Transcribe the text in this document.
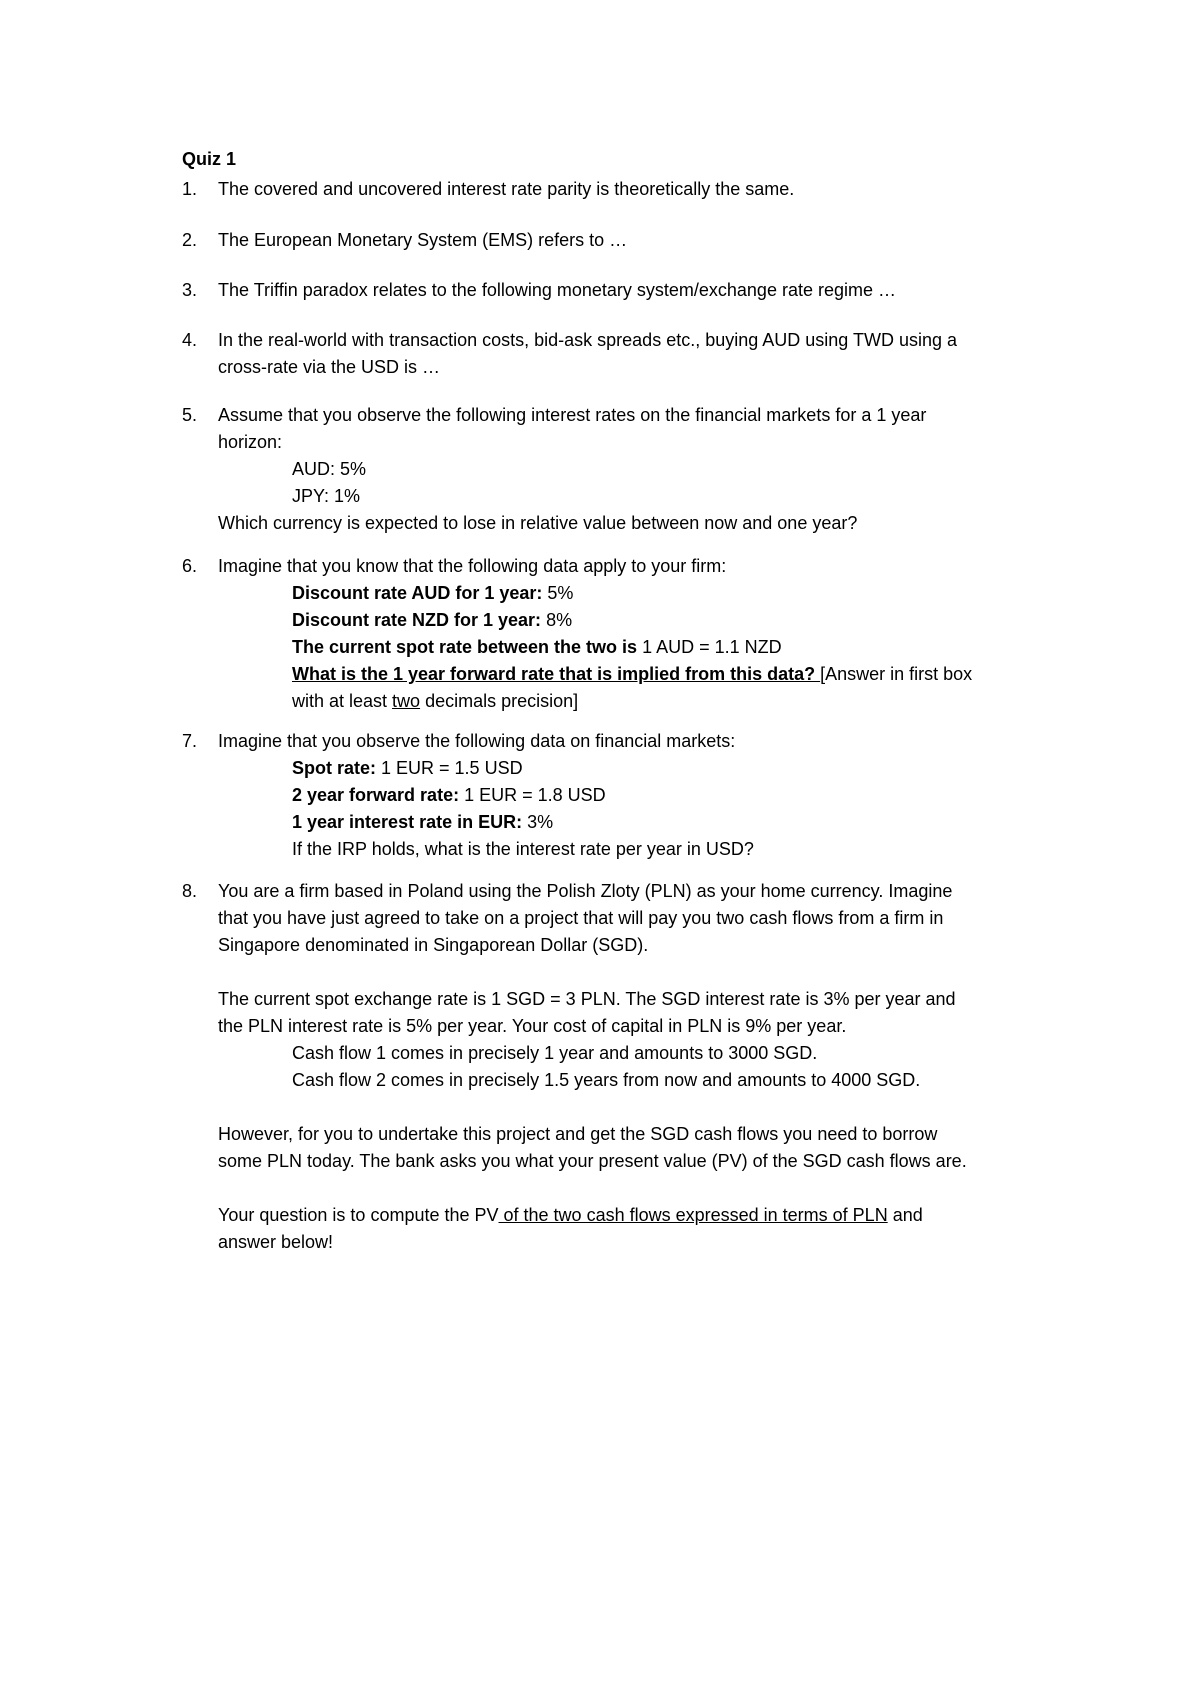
Quiz 1
1.	The covered and uncovered interest rate parity is theoretically the same.
2.	The European Monetary System (EMS) refers to …
3.	The Triffin paradox relates to the following monetary system/exchange rate regime …
4.	In the real-world with transaction costs, bid-ask spreads etc., buying AUD using TWD using a
cross-rate via the USD is …
5.	Assume that you observe the following interest rates on the financial markets for a 1 year
horizon:
AUD: 5%
JPY: 1%
Which currency is expected to lose in relative value between now and one year?
6.	Imagine that you know that the following data apply to your firm:
Discount rate AUD for 1 year: 5%
Discount rate NZD for 1 year: 8%
The current spot rate between the two is 1 AUD = 1.1 NZD
What is the 1 year forward rate that is implied from this data? [Answer in first box
with at least two decimals precision]
7.	Imagine that you observe the following data on financial markets:
Spot rate: 1 EUR = 1.5 USD
2 year forward rate: 1 EUR = 1.8 USD
1 year interest rate in EUR: 3%
If the IRP holds, what is the interest rate per year in USD?
8.	You are a firm based in Poland using the Polish Zloty (PLN) as your home currency. Imagine
that you have just agreed to take on a project that will pay you two cash flows from a firm in
Singapore denominated in Singaporean Dollar (SGD).
The current spot exchange rate is 1 SGD = 3 PLN. The SGD interest rate is 3% per year and
the PLN interest rate is 5% per year. Your cost of capital in PLN is 9% per year.
Cash flow 1 comes in precisely 1 year and amounts to 3000 SGD.
Cash flow 2 comes in precisely 1.5 years from now and amounts to 4000 SGD.
However, for you to undertake this project and get the SGD cash flows you need to borrow
some PLN today. The bank asks you what your present value (PV) of the SGD cash flows are.
Your question is to compute the PV of the two cash flows expressed in terms of PLN and
answer below!
